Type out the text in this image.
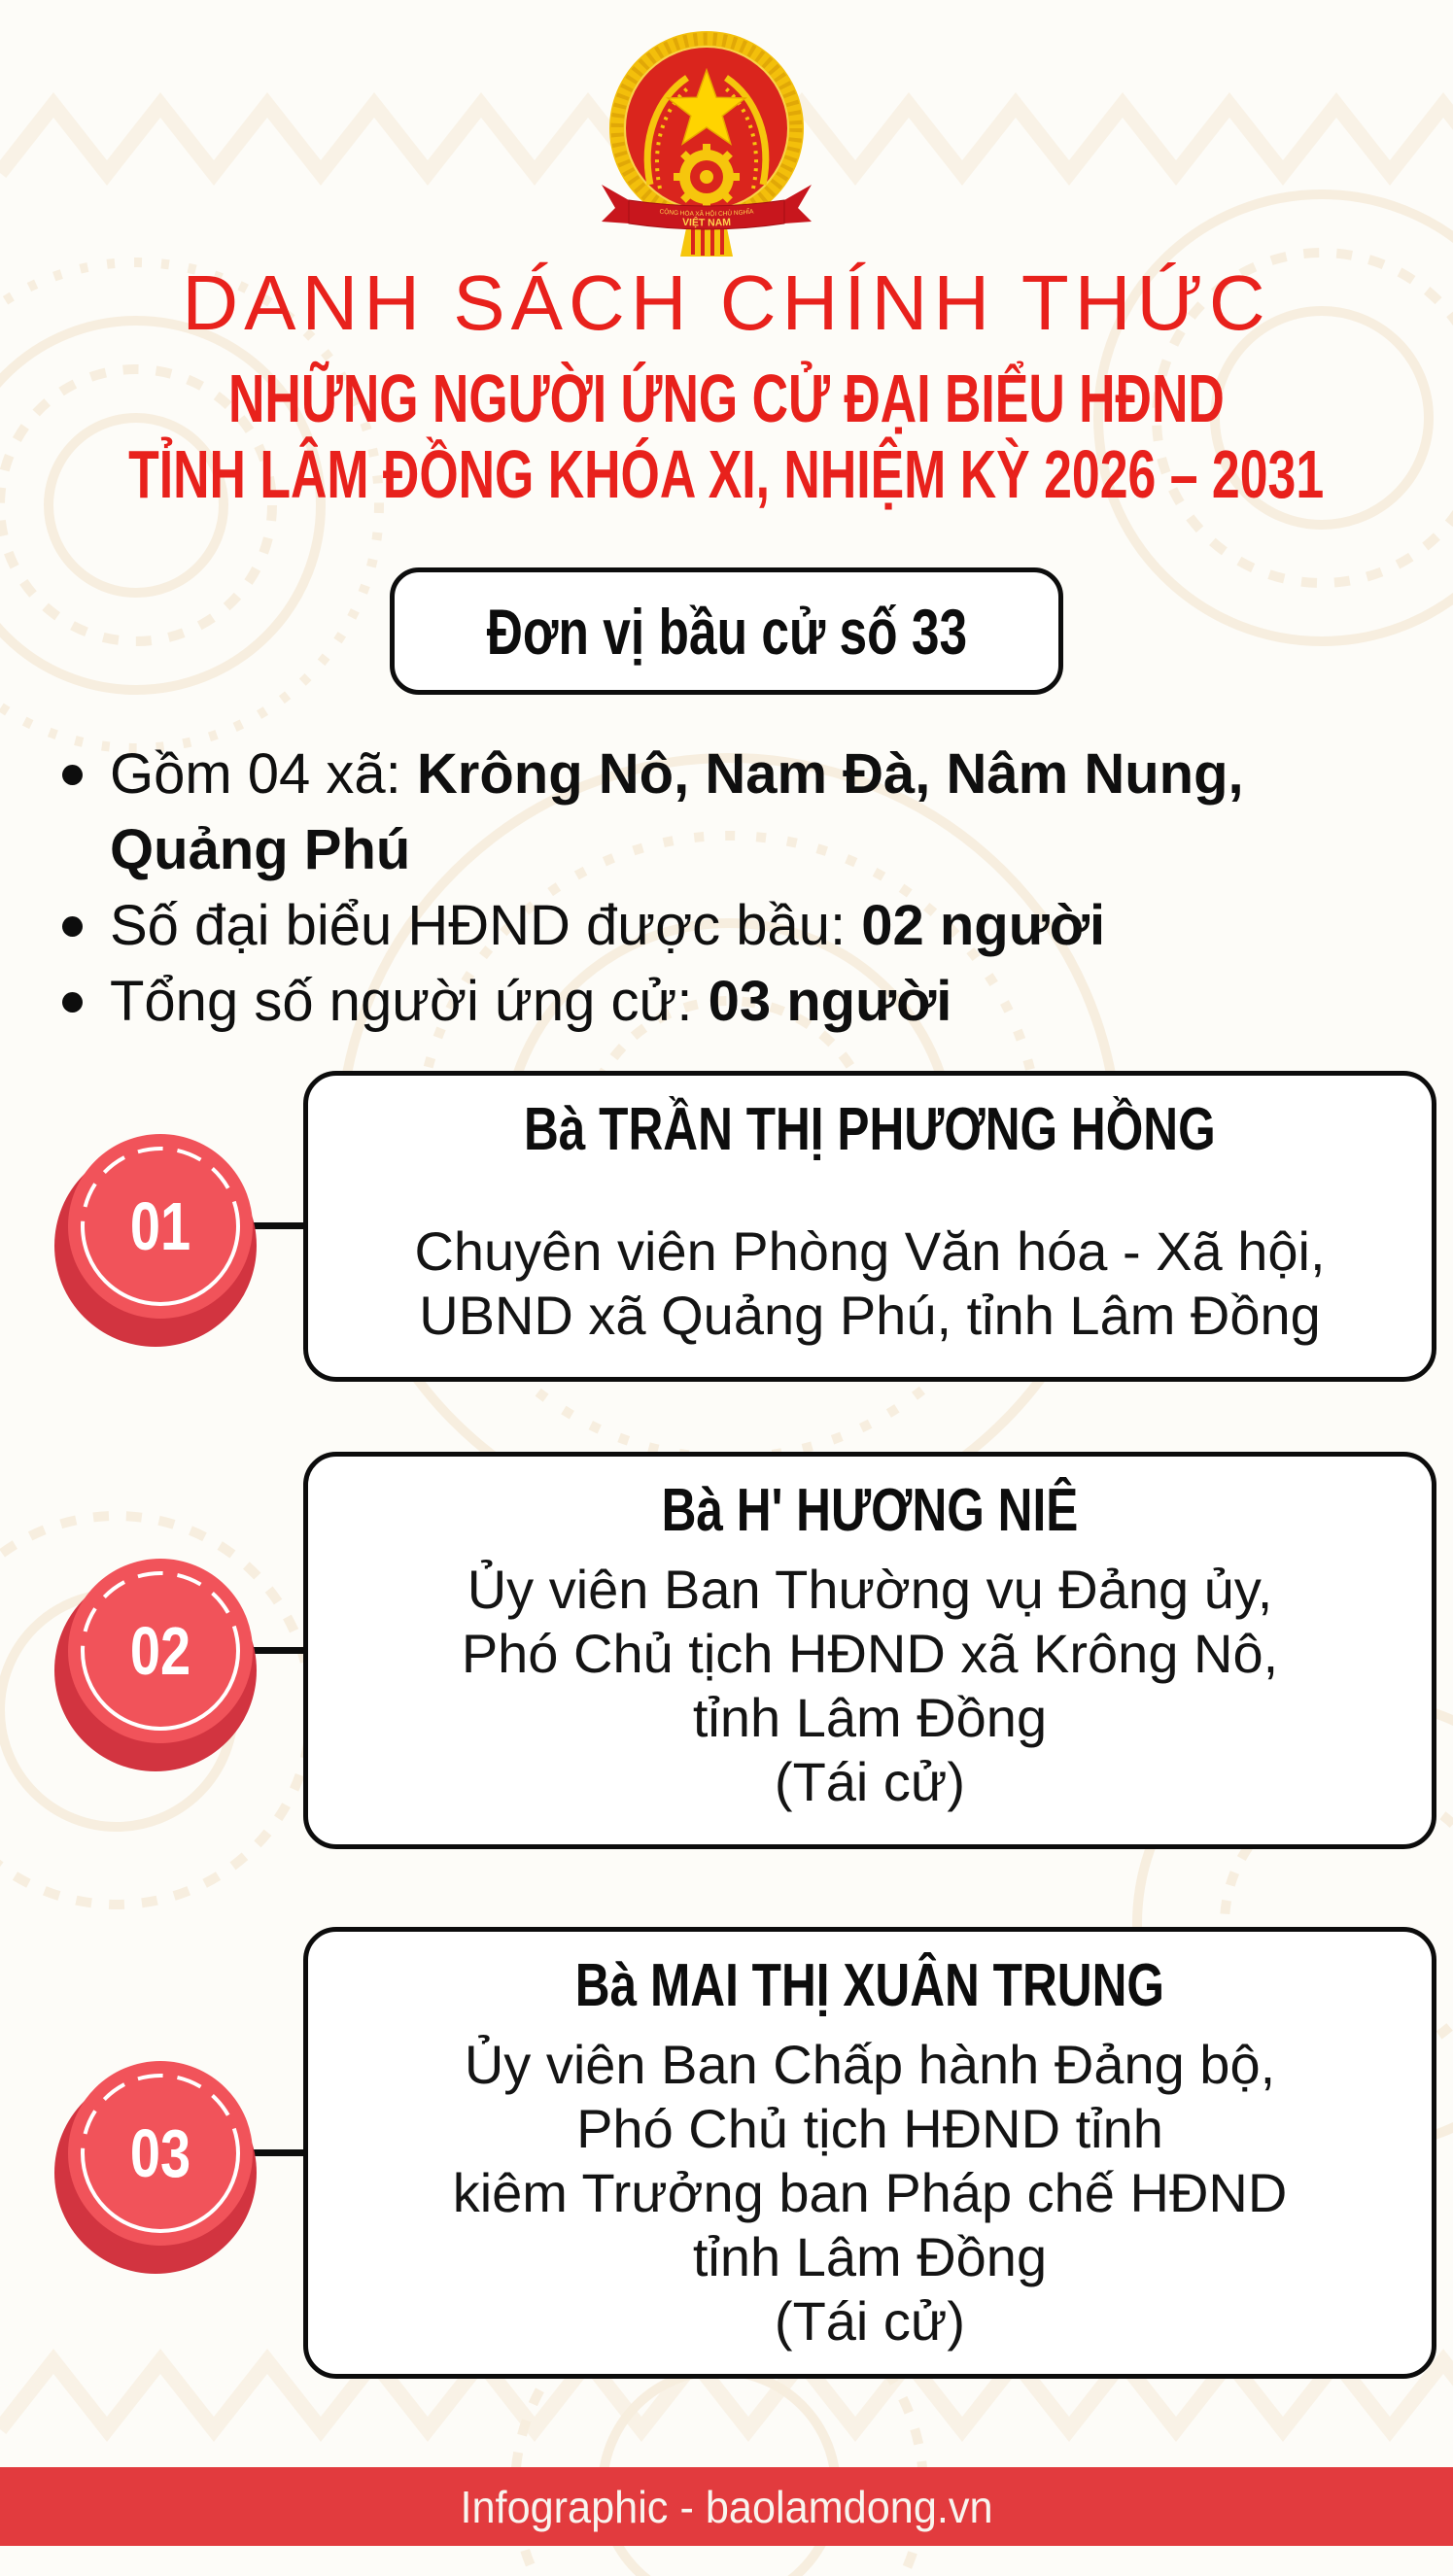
CỘNG HÒA XÃ HỘI CHỦ NGHĨA
VIỆT NAM
DANH SÁCH CHÍNH THỨC
NHỮNG NGƯỜI ỨNG CỬ ĐẠI BIỂU HĐND
TỈNH LÂM ĐỒNG KHÓA XI, NHIỆM KỲ 2026 – 2031
Đơn vị bầu cử số 33
Gồm 04 xã: Krông Nô, Nam Đà, Nâm Nung,
Quảng Phú
Số đại biểu HĐND được bầu: 02 người
Tổng số người ứng cử: 03 người
Bà TRẦN THỊ PHƯƠNG HỒNG
Chuyên viên Phòng Văn hóa - Xã hội,
UBND xã Quảng Phú, tỉnh Lâm Đồng
Bà H' HƯƠNG NIÊ
Ủy viên Ban Thường vụ Đảng ủy,
Phó Chủ tịch HĐND xã Krông Nô,
tỉnh Lâm Đồng
(Tái cử)
Bà MAI THỊ XUÂN TRUNG
Ủy viên Ban Chấp hành Đảng bộ,
Phó Chủ tịch HĐND tỉnh
kiêm Trưởng ban Pháp chế HĐND
tỉnh Lâm Đồng
(Tái cử)
01
02
03
Infographic - baolamdong.vn
